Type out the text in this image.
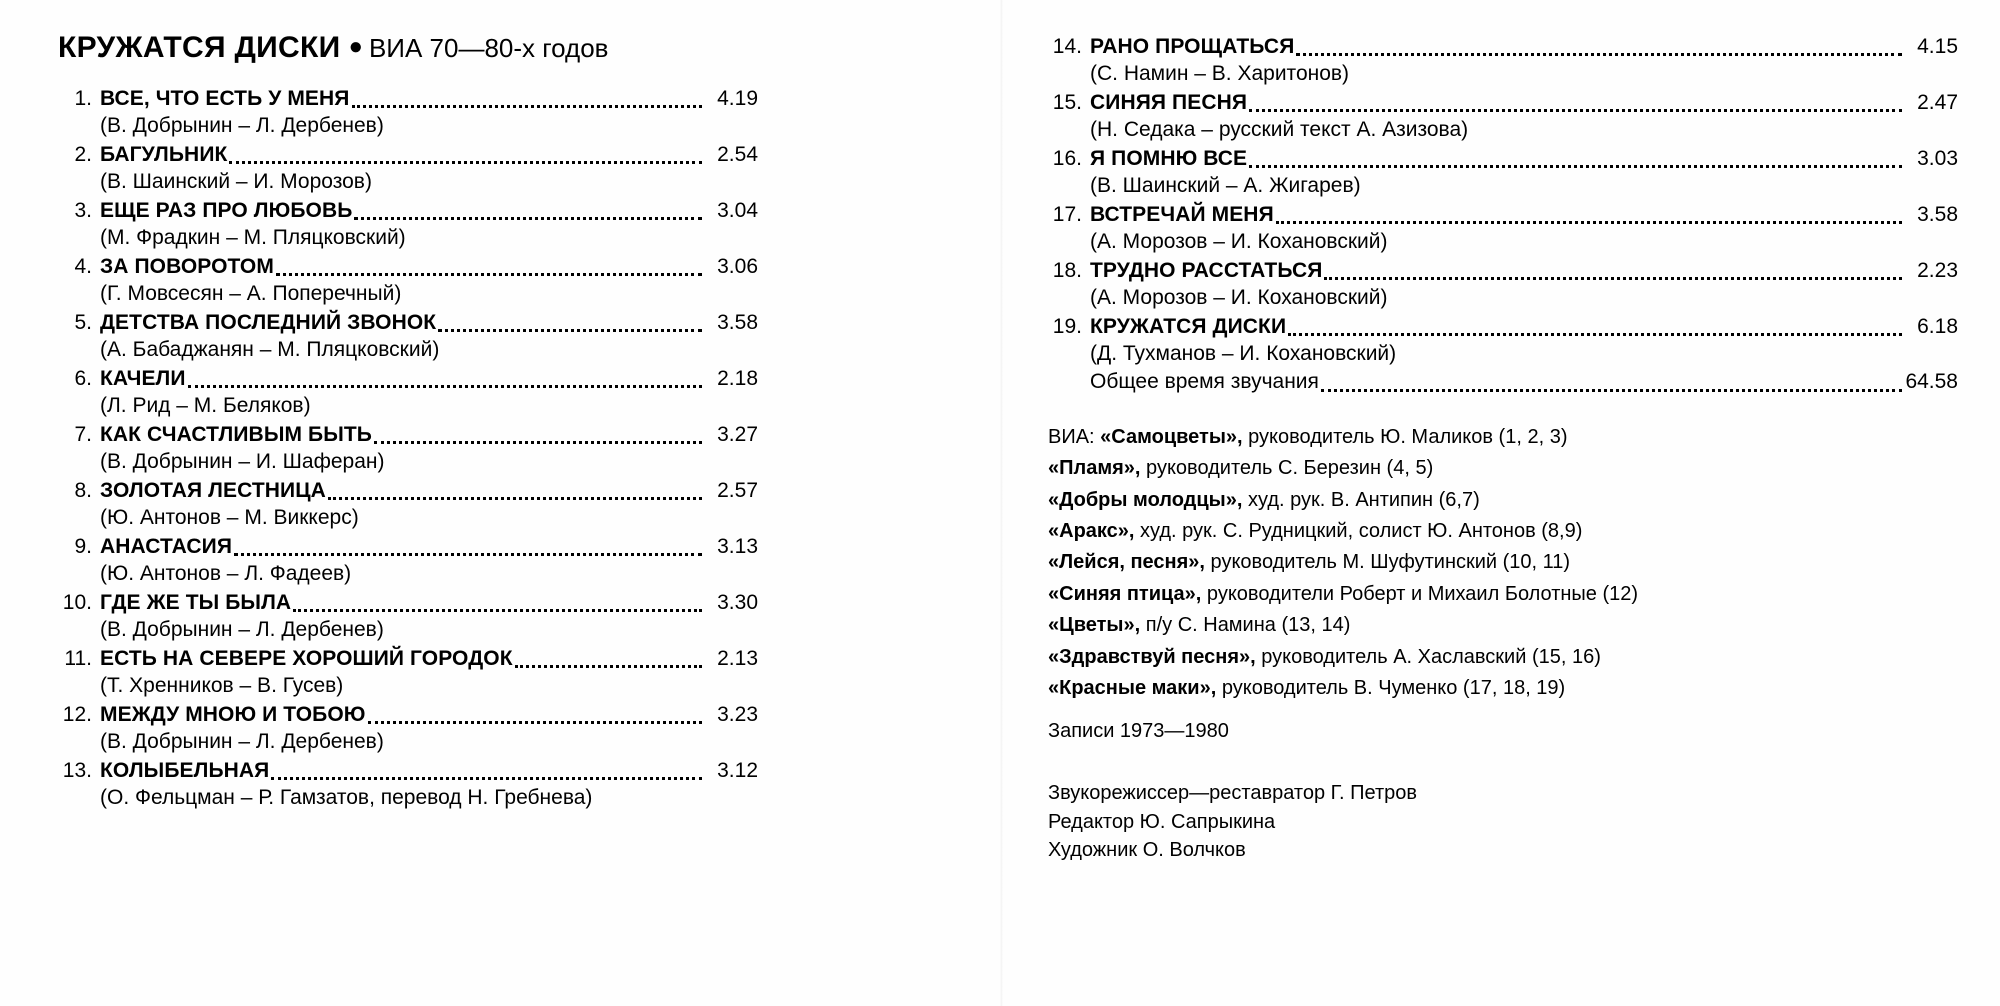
КРУЖАТСЯ ДИСКИ ● ВИА 70—80-х годов
1. ВСЕ, ЧТО ЕСТЬ У МЕНЯ	4.19
(В. Добрынин – Л. Дербенев)
2. БАГУЛЬНИК	2.54
(В. Шаинский – И. Морозов)
3. ЕЩЕ РАЗ ПРО ЛЮБОВЬ	3.04
(М. Фрадкин – М. Пляцковский)
4. ЗА ПОВОРОТОМ	3.06
(Г. Мовсесян – А. Поперечный)
5. ДЕТСТВА ПОСЛЕДНИЙ ЗВОНОК	3.58
(А. Бабаджанян – М. Пляцковский)
6. КАЧЕЛИ	2.18
(Л. Рид – М. Беляков)
7. КАК СЧАСТЛИВЫМ БЫТЬ	3.27
(В. Добрынин – И. Шаферан)
8. ЗОЛОТАЯ ЛЕСТНИЦА	2.57
(Ю. Антонов – М. Виккерс)
9. АНАСТАСИЯ	3.13
(Ю. Антонов – Л. Фадеев)
10. ГДЕ ЖЕ ТЫ БЫЛА	3.30
(В. Добрынин – Л. Дербенев)
11. ЕСТЬ НА СЕВЕРЕ ХОРОШИЙ ГОРОДОК	2.13
(Т. Хренников – В. Гусев)
12. МЕЖДУ МНОЮ И ТОБОЮ	3.23
(В. Добрынин – Л. Дербенев)
13. КОЛЫБЕЛЬНАЯ	3.12
(О. Фельцман – Р. Гамзатов, перевод Н. Гребнева)
14. РАНО ПРОЩАТЬСЯ	4.15
(С. Намин – В. Харитонов)
15. СИНЯЯ ПЕСНЯ	2.47
(Н. Седака – русский текст А. Азизова)
16. Я ПОМНЮ ВСЕ	3.03
(В. Шаинский – А. Жигарев)
17. ВСТРЕЧАЙ МЕНЯ	3.58
(А. Морозов – И. Кохановский)
18. ТРУДНО РАССТАТЬСЯ	2.23
(А. Морозов – И. Кохановский)
19. КРУЖАТСЯ ДИСКИ	6.18
(Д. Тухманов – И. Кохановский)
Общее время звучания	64.58
ВИА: «Самоцветы», руководитель Ю. Маликов (1, 2, 3)
«Пламя», руководитель С. Березин (4, 5)
«Добры молодцы», худ. рук. В. Антипин (6,7)
«Аракс», худ. рук. С. Рудницкий, солист Ю. Антонов (8,9)
«Лейся, песня», руководитель М. Шуфутинский (10, 11)
«Синяя птица», руководители Роберт и Михаил Болотные (12)
«Цветы», п/у С. Намина (13, 14)
«Здравствуй песня», руководитель А. Хаславский (15, 16)
«Красные маки», руководитель В. Чуменко (17, 18, 19)
Записи 1973—1980
Звукорежиссер—реставратор Г. Петров
Редактор Ю. Сапрыкина
Художник О. Волчков
